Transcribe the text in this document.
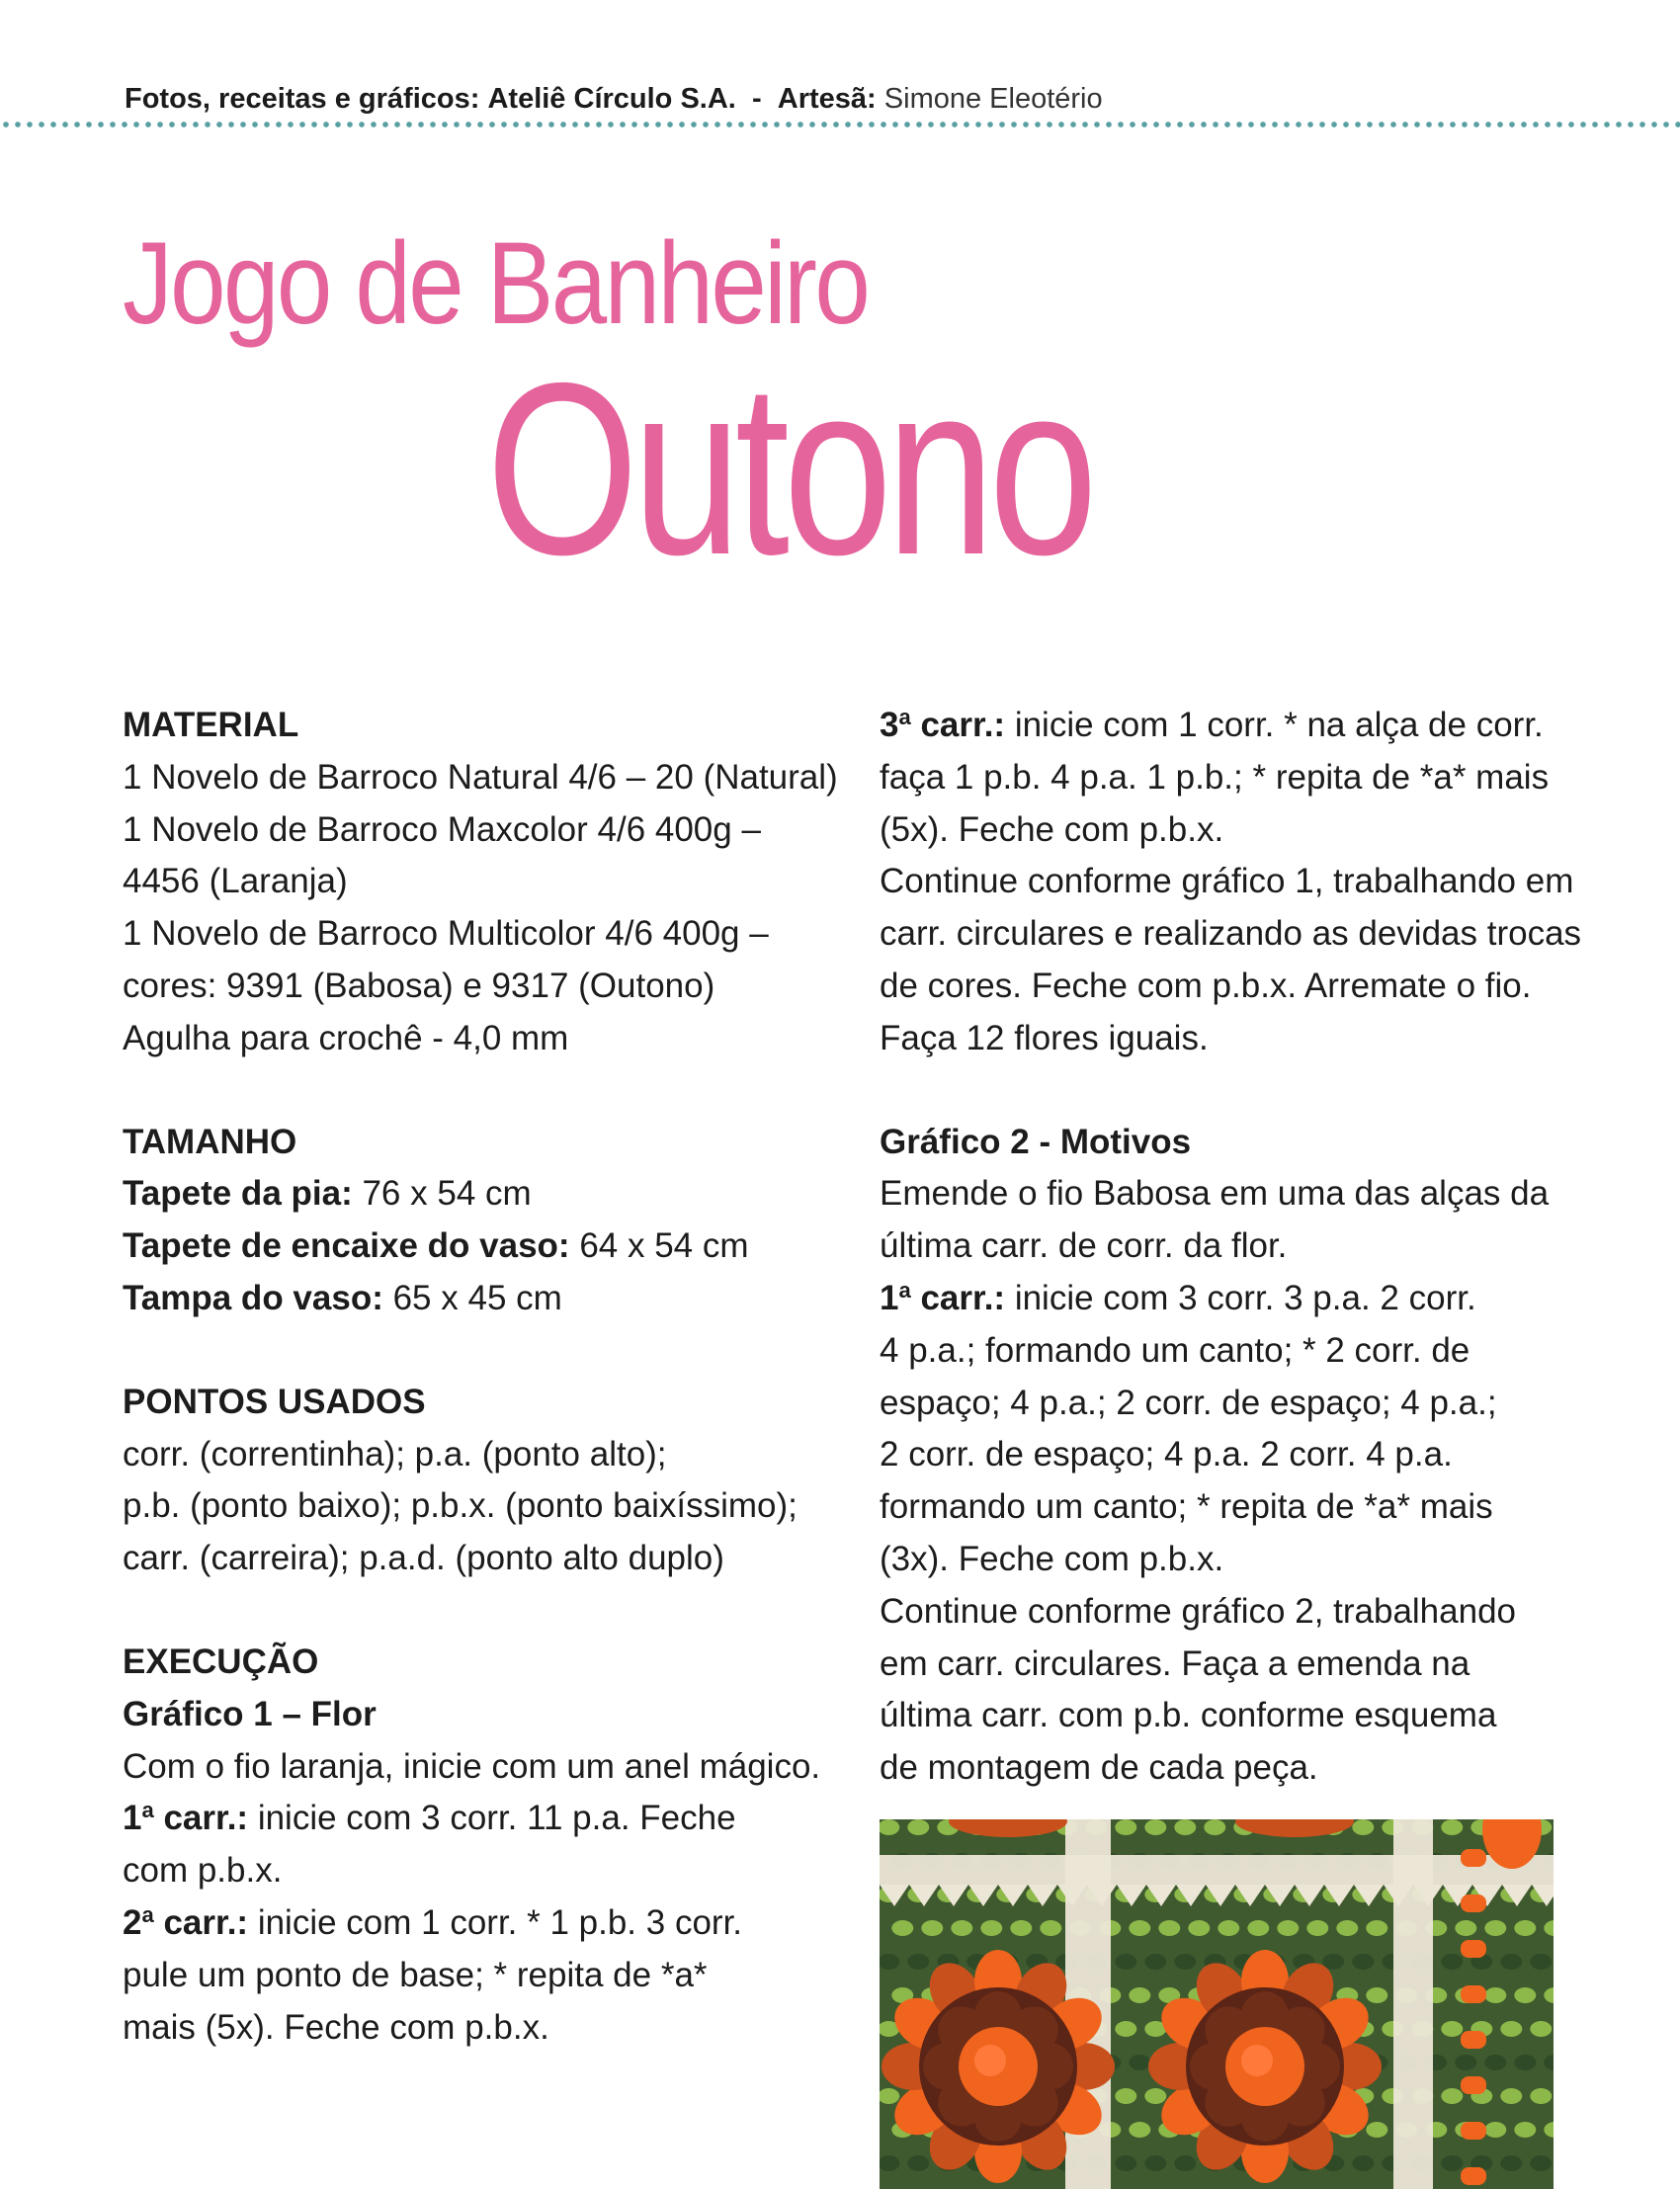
Fotos, receitas e gráficos: Ateliê Círculo S.A. - Artesã: Simone Eleotério
Jogo de Banheiro
Outono

MATERIAL

1 Novelo de Barroco Natural 4/6 – 20 (Natural)

1 Novelo de Barroco Maxcolor 4/6 400g –

4456 (Laranja)

1 Novelo de Barroco Multicolor 4/6 400g –

cores: 9391 (Babosa) e 9317 (Outono)

Agulha para crochê - 4,0 mm

TAMANHO

Tapete da pia: 76 x 54 cm

Tapete de encaixe do vaso: 64 x 54 cm

Tampa do vaso: 65 x 45 cm

PONTOS USADOS

corr. (correntinha); p.a. (ponto alto);

p.b. (ponto baixo); p.b.x. (ponto baixíssimo);

carr. (carreira); p.a.d. (ponto alto duplo)

EXECUÇÃO

Gráfico 1 – Flor

Com o fio laranja, inicie com um anel mágico.

1$^a$ carr.: inicie com 3 corr. 11 p.a. Feche

com p.b.x.

2$^a$ carr.: inicie com 1 corr. * 1 p.b. 3 corr.

pule um ponto de base; * repita de *a*

mais (5x). Feche com p.b.x.

3$^a$ carr.: inicie com 1 corr. * na alça de corr.

faça 1 p.b. 4 p.a. 1 p.b.; * repita de *a* mais

(5x). Feche com p.b.x.

Continue conforme gráfico 1, trabalhando em

carr. circulares e realizando as devidas trocas

de cores. Feche com p.b.x. Arremate o fio.

Faça 12 flores iguais.

Gráfico 2 - Motivos

Emende o fio Babosa em uma das alças da

última carr. de corr. da flor.

1$^a$ carr.: inicie com 3 corr. 3 p.a. 2 corr.

4 p.a.; formando um canto; * 2 corr. de

espaço; 4 p.a.; 2 corr. de espaço; 4 p.a.;

2 corr. de espaço; 4 p.a. 2 corr. 4 p.a.

formando um canto; * repita de *a* mais

(3x). Feche com p.b.x.

Continue conforme gráfico 2, trabalhando

em carr. circulares. Faça a emenda na

última carr. com p.b. conforme esquema

de montagem de cada peça.
